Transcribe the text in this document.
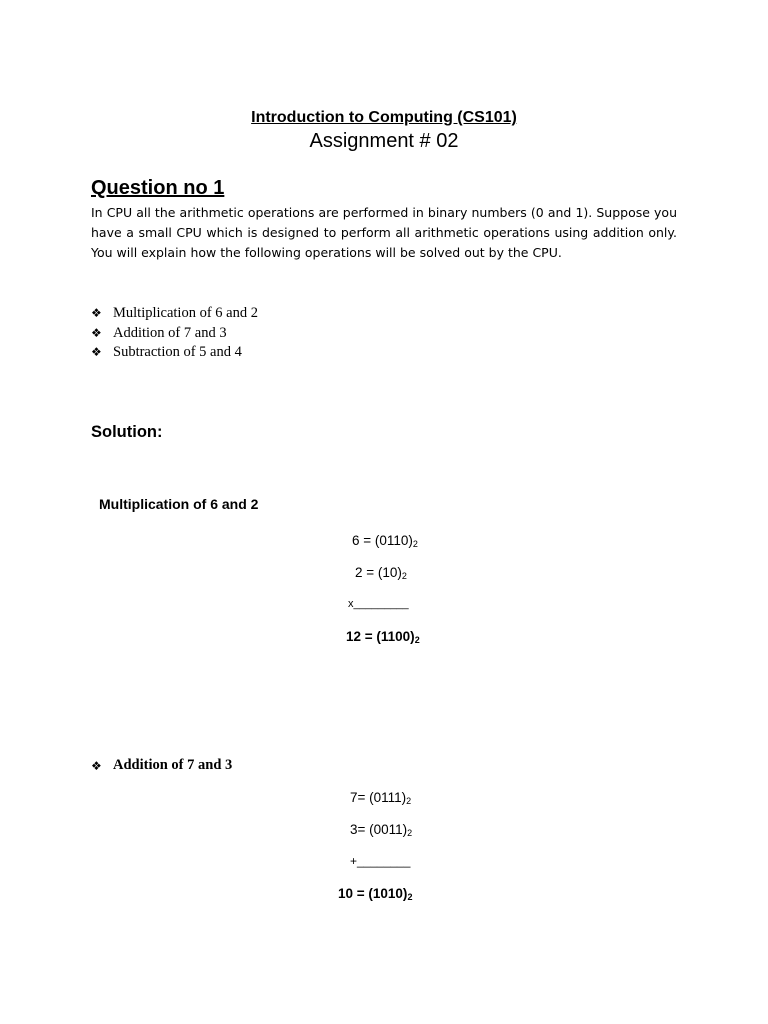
Introduction to Computing (CS101)
Assignment # 02
Question no 1
In CPU all the arithmetic operations are performed in binary numbers (0 and 1). Suppose you have a small CPU which is designed to perform all arithmetic operations using addition only. You will explain how the following operations will be solved out by the CPU.
❖ Multiplication of 6 and 2
❖ Addition of 7 and 3
❖ Subtraction of 5 and 4
Solution:
Multiplication of 6 and 2
$6 = (0110)_2$
$2 = (10)_2$
x_________
$12 = (1100)_2$
❖ Addition of 7 and 3
$7= (0111)_2$
$3= (0011)_2$
+________
$10 = (1010)_2$
